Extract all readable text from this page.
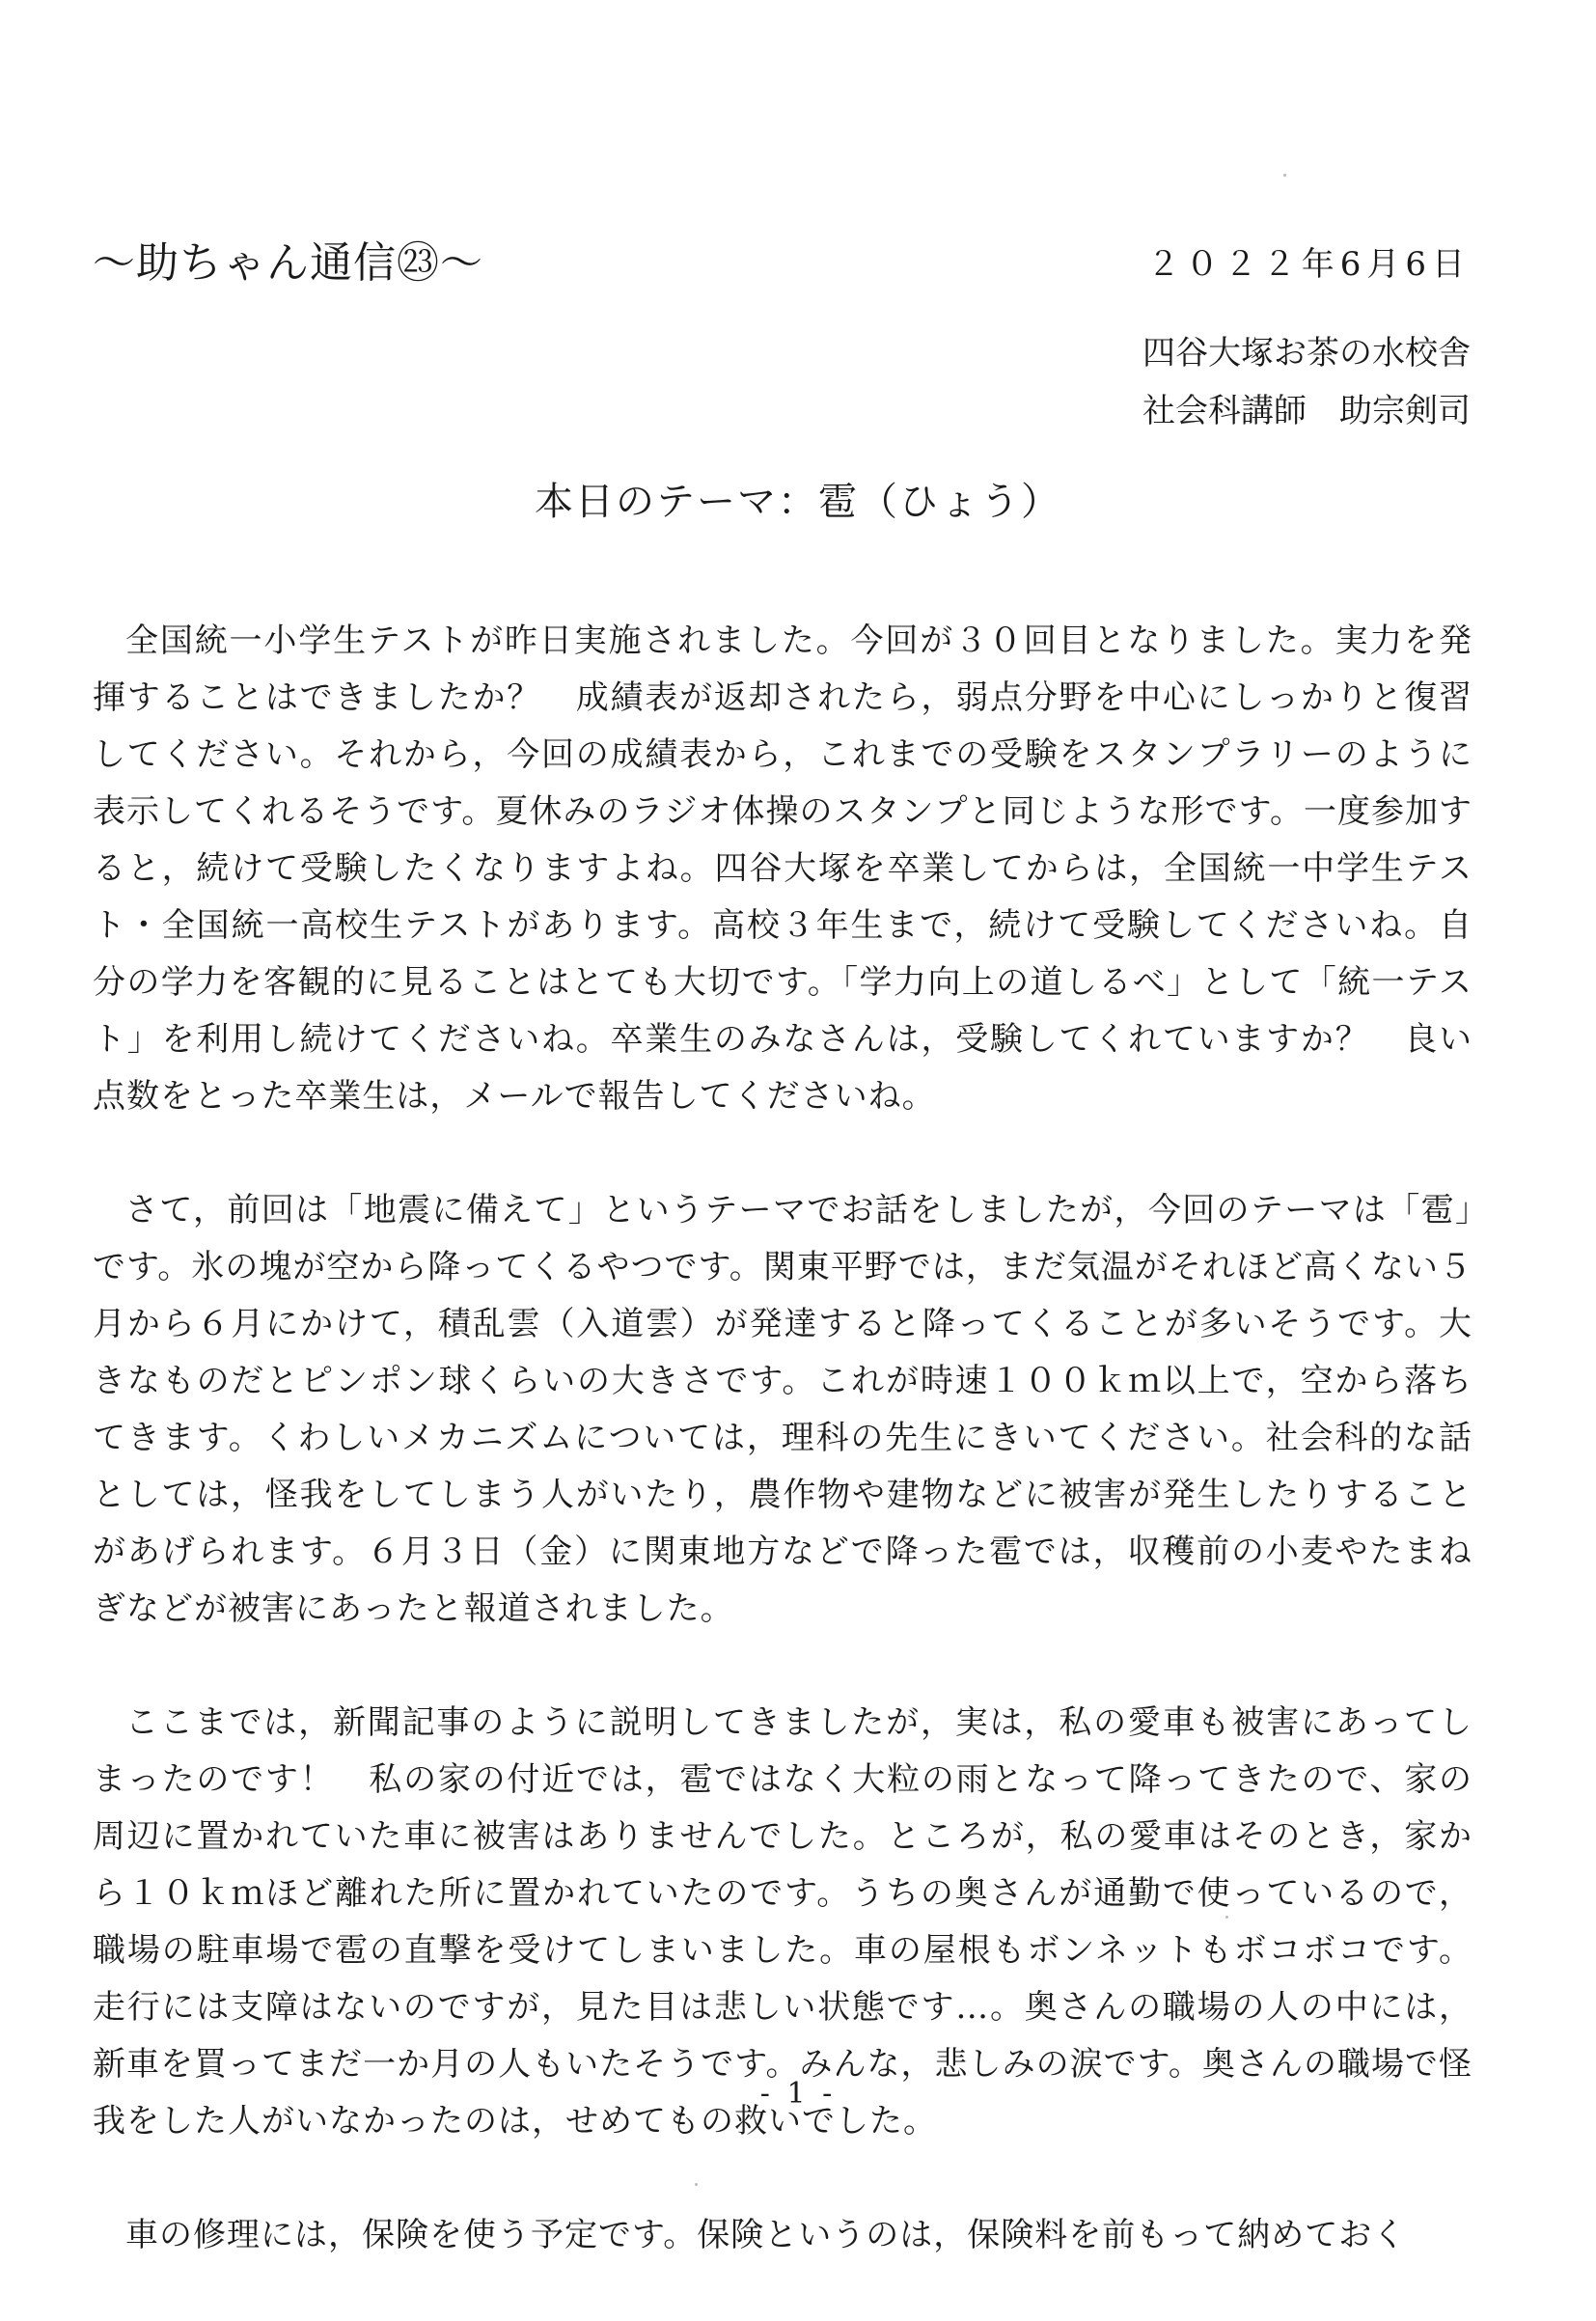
～助ちゃん通信㉓～	２０２２年6月6日
四谷大塚お茶の水校舎
社会科講師　助宗剣司
本日のテーマ：雹（ひょう）

全国統一小学生テストが昨日実施されました。今回が３０回目となりました。実力を発揮することはできましたか？　成績表が返却されたら，弱点分野を中心にしっかりと復習してください。それから，今回の成績表から，これまでの受験をスタンプラリーのように表示してくれるそうです。夏休みのラジオ体操のスタンプと同じような形です。一度参加すると，続けて受験したくなりますよね。四谷大塚を卒業してからは，全国統一中学生テスト・全国統一高校生テストがあります。高校３年生まで，続けて受験してくださいね。自分の学力を客観的に見ることはとても大切です。「学力向上の道しるべ」として「統一テスト」を利用し続けてくださいね。卒業生のみなさんは，受験してくれていますか？　良い点数をとった卒業生は，メールで報告してくださいね。

さて，前回は「地震に備えて」というテーマでお話をしましたが，今回のテーマは「雹」です。氷の塊が空から降ってくるやつです。関東平野では，まだ気温がそれほど高くない５月から６月にかけて，積乱雲（入道雲）が発達すると降ってくることが多いそうです。大きなものだとピンポン球くらいの大きさです。これが時速１００ｋｍ以上で，空から落ちてきます。くわしいメカニズムについては，理科の先生にきいてください。社会科的な話としては，怪我をしてしまう人がいたり，農作物や建物などに被害が発生したりすることがあげられます。６月３日（金）に関東地方などで降った雹では，収穫前の小麦やたまねぎなどが被害にあったと報道されました。

ここまでは，新聞記事のように説明してきましたが，実は，私の愛車も被害にあってしまったのです！　私の家の付近では，雹ではなく大粒の雨となって降ってきたので、家の周辺に置かれていた車に被害はありませんでした。ところが，私の愛車はそのとき，家から１０ｋｍほど離れた所に置かれていたのです。うちの奥さんが通勤で使っているので，職場の駐車場で雹の直撃を受けてしまいました。車の屋根もボンネットもボコボコです。走行には支障はないのですが，見た目は悲しい状態です…。奥さんの職場の人の中には，新車を買ってまだ一か月の人もいたそうです。みんな，悲しみの涙です。奥さんの職場で怪我をした人がいなかったのは，せめてもの救いでした。

車の修理には，保険を使う予定です。保険というのは，保険料を前もって納めておく

- 1 -
